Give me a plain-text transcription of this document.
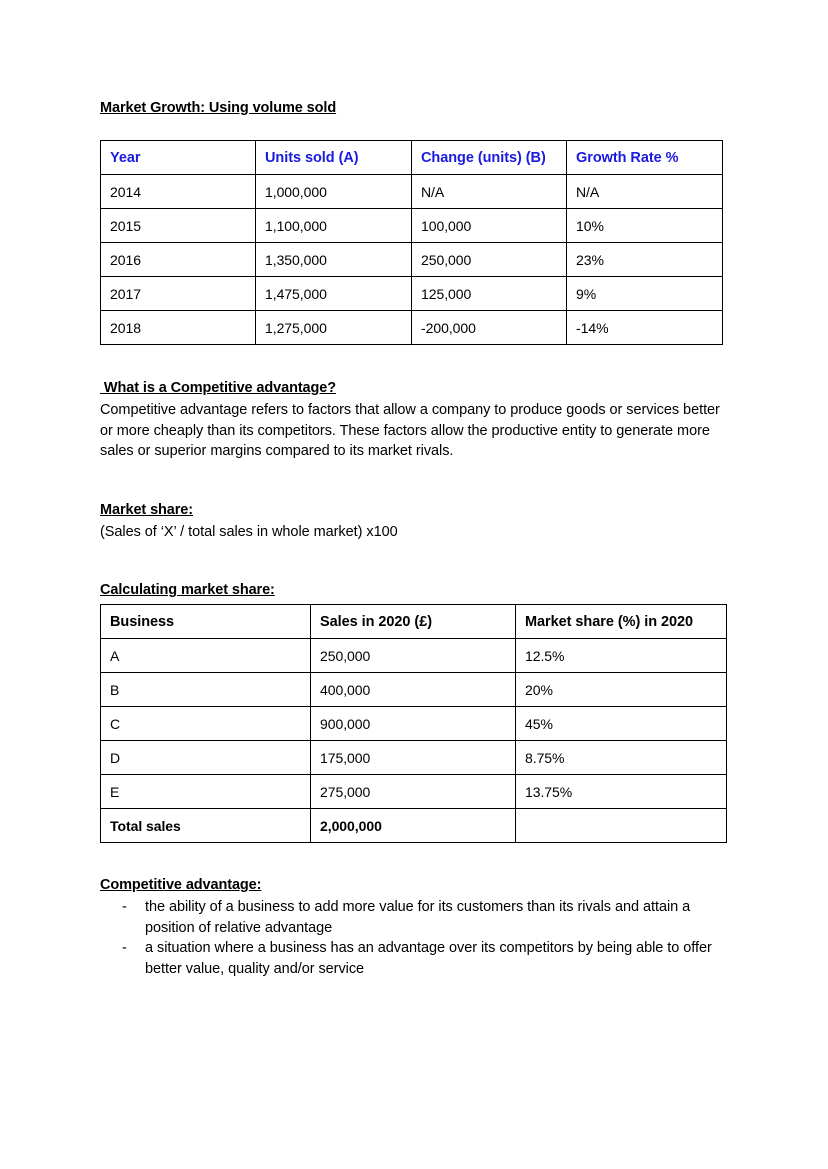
Market Growth: Using volume sold
Year	Units sold (A)	Change (units) (B)	Growth Rate %
2014	1,000,000	N/A	N/A
2015	1,100,000	100,000	10%
2016	1,350,000	250,000	23%
2017	1,475,000	125,000	9%
2018	1,275,000	-200,000	-14%
What is a Competitive advantage?

Competitive advantage refers to factors that allow a company to produce goods or services better or more cheaply than its competitors. These factors allow the productive entity to generate more sales or superior margins compared to its market rivals.

Market share:

(Sales of ‘X’ / total sales in whole market) x100

Calculating market share:
Business	Sales in 2020 (£)	Market share (%) in 2020
A	250,000	12.5%
B	400,000	20%
C	900,000	45%
D	175,000	8.75%
E	275,000	13.75%
Total sales	2,000,000	
Competitive advantage:
- the ability of a business to add more value for its customers than its rivals and attain a position of relative advantage
- a situation where a business has an advantage over its competitors by being able to offer better value, quality and/or service
